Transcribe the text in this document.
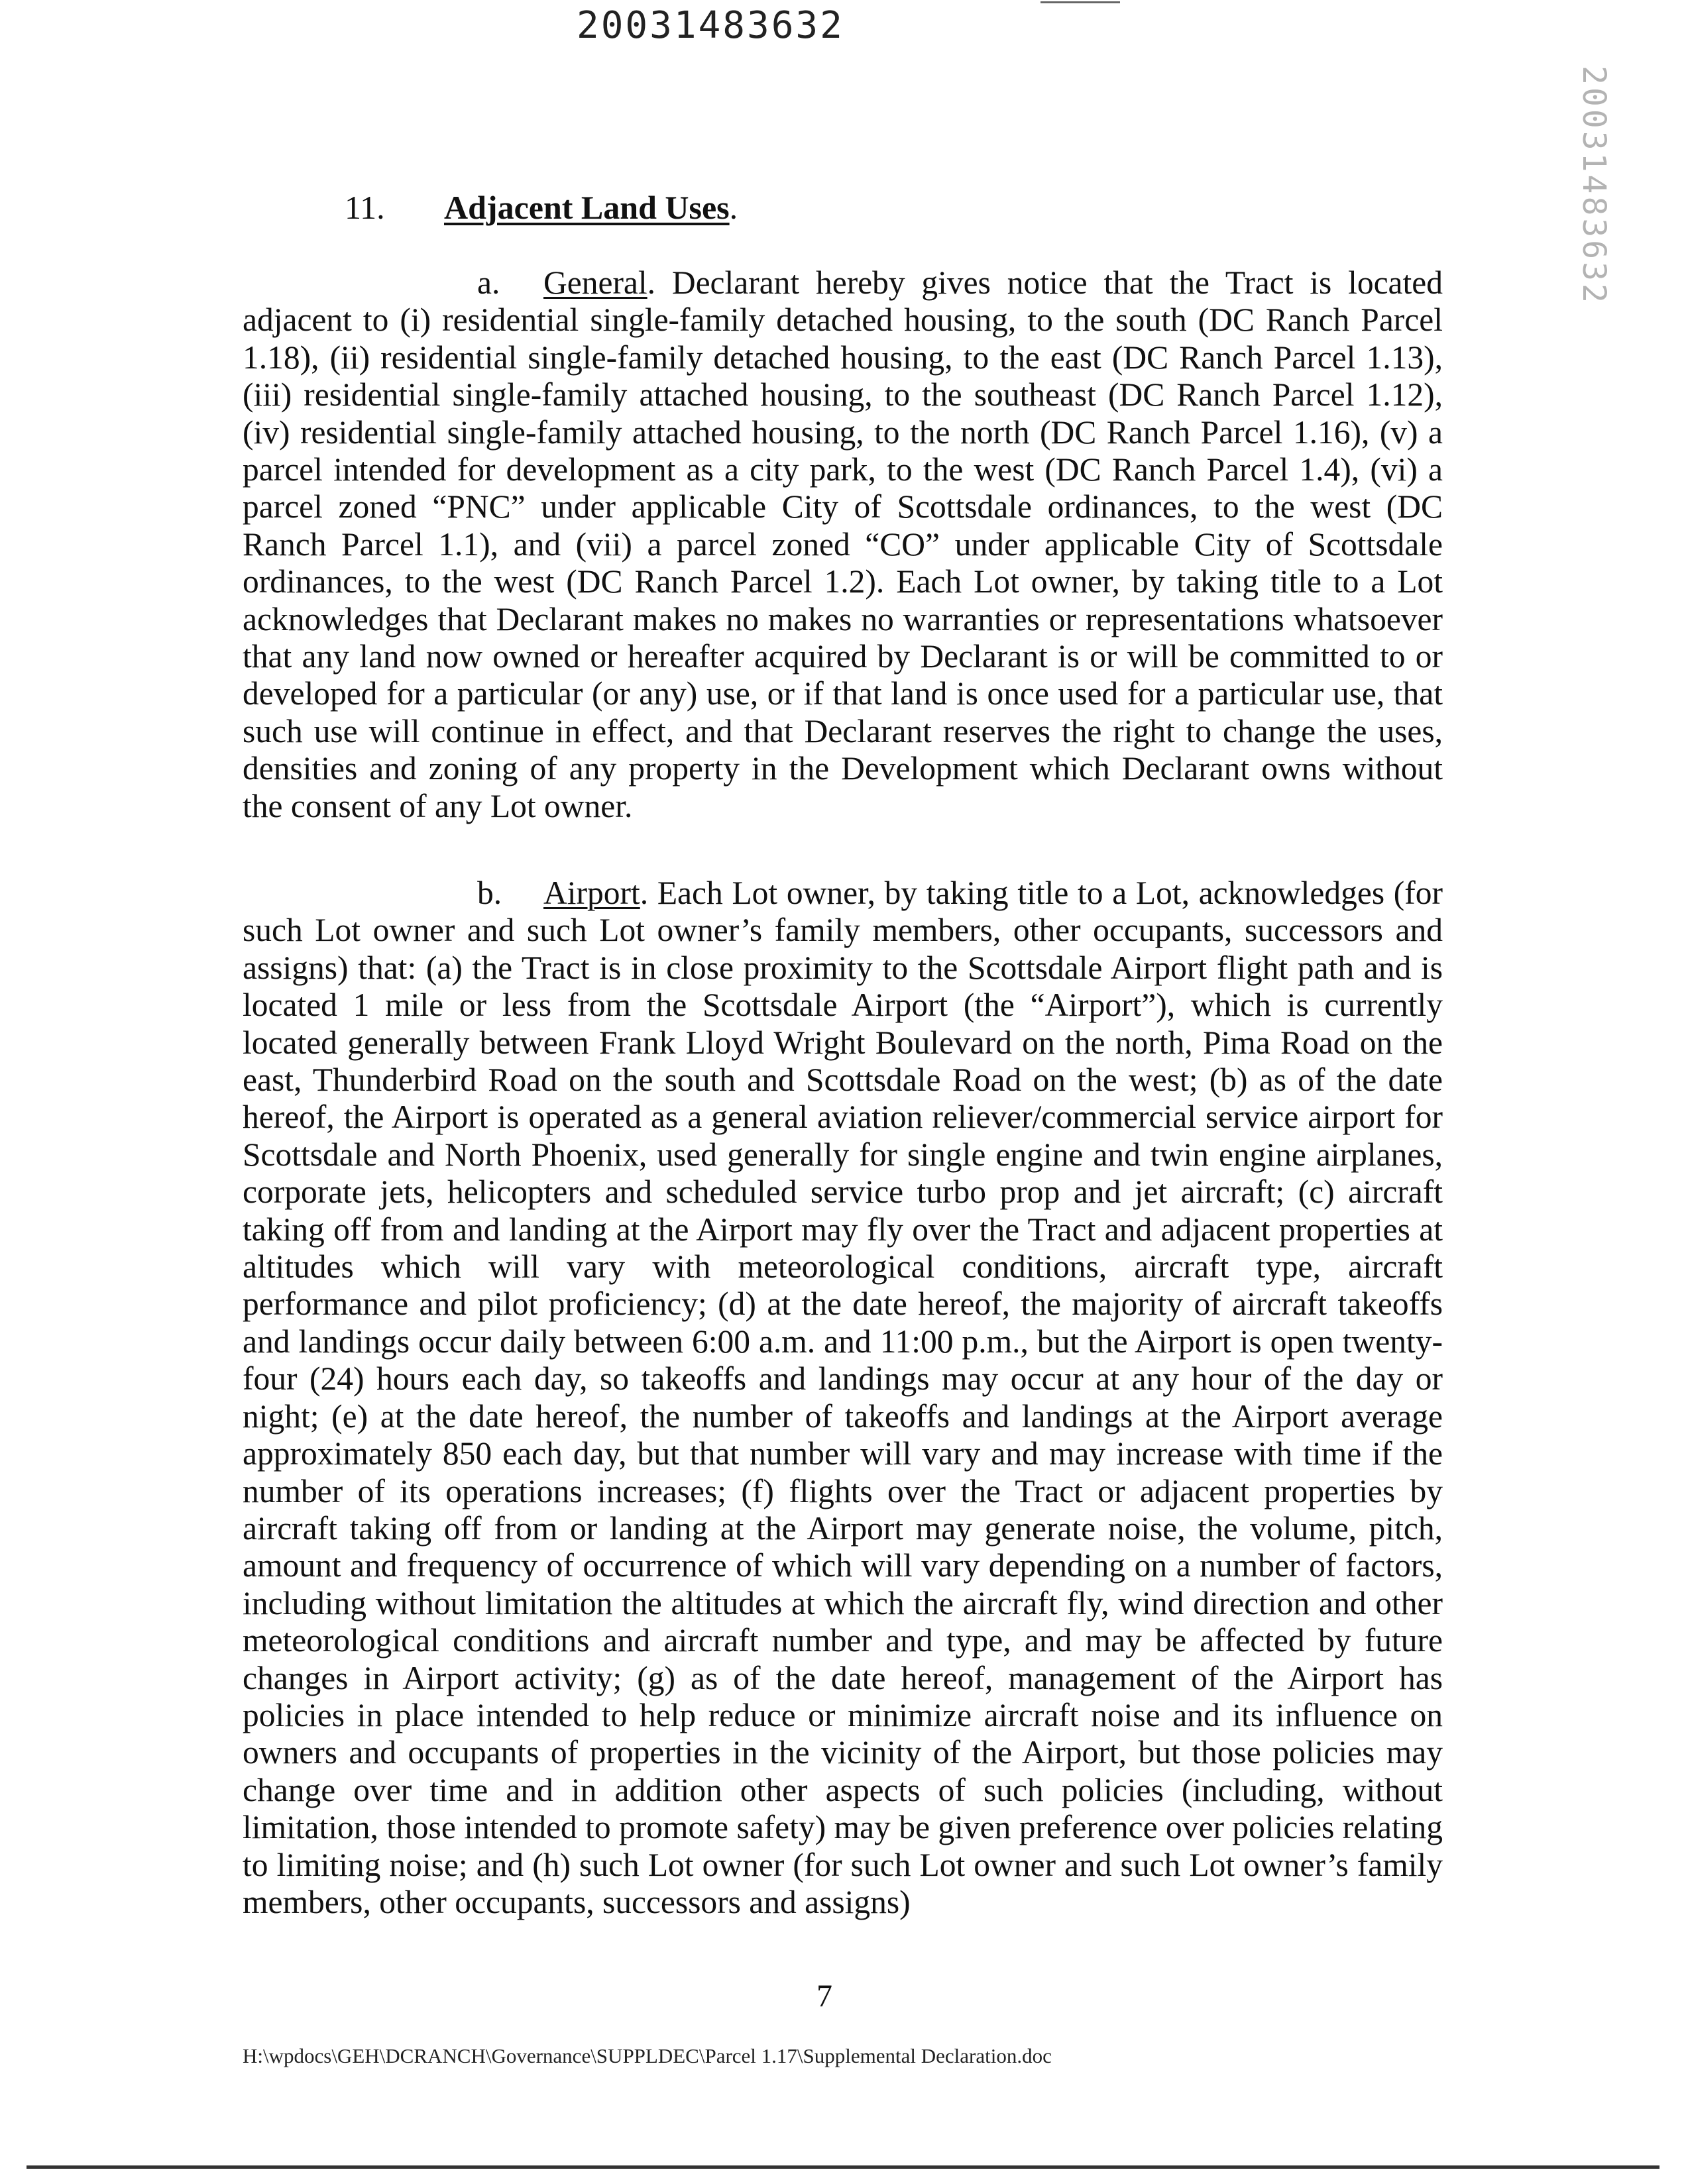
20031483632
20031483632
11. Adjacent Land Uses.
a. General. Declarant hereby gives notice that the Tract is located adjacent to (i) residential single-family detached housing, to the south (DC Ranch Parcel 1.18), (ii) residential single-family detached housing, to the east (DC Ranch Parcel 1.13), (iii) residential single-family attached housing, to the southeast (DC Ranch Parcel 1.12), (iv) residential single-family attached housing, to the north (DC Ranch Parcel 1.16), (v) a parcel intended for development as a city park, to the west (DC Ranch Parcel 1.4), (vi) a parcel zoned “PNC” under applicable City of Scottsdale ordinances, to the west (DC Ranch Parcel 1.1), and (vii) a parcel zoned “CO” under applicable City of Scottsdale ordinances, to the west (DC Ranch Parcel 1.2). Each Lot owner, by taking title to a Lot acknowledges that Declarant makes no makes no warranties or representations whatsoever that any land now owned or hereafter acquired by Declarant is or will be committed to or developed for a particular (or any) use, or if that land is once used for a particular use, that such use will continue in effect, and that Declarant reserves the right to change the uses, densities and zoning of any property in the Development which Declarant owns without the consent of any Lot owner.
b. Airport. Each Lot owner, by taking title to a Lot, acknowledges (for such Lot owner and such Lot owner’s family members, other occupants, successors and assigns) that: (a) the Tract is in close proximity to the Scottsdale Airport flight path and is located 1 mile or less from the Scottsdale Airport (the “Airport”), which is currently located generally between Frank Lloyd Wright Boulevard on the north, Pima Road on the east, Thunderbird Road on the south and Scottsdale Road on the west; (b) as of the date hereof, the Airport is operated as a general aviation reliever/commercial service airport for Scottsdale and North Phoenix, used generally for single engine and twin engine airplanes, corporate jets, helicopters and scheduled service turbo prop and jet aircraft; (c) aircraft taking off from and landing at the Airport may fly over the Tract and adjacent properties at altitudes which will vary with meteorological conditions, aircraft type, aircraft performance and pilot proficiency; (d) at the date hereof, the majority of aircraft takeoffs and landings occur daily between 6:00 a.m. and 11:00 p.m., but the Airport is open twenty-four (24) hours each day, so takeoffs and landings may occur at any hour of the day or night; (e) at the date hereof, the number of takeoffs and landings at the Airport average approximately 850 each day, but that number will vary and may increase with time if the number of its operations increases; (f) flights over the Tract or adjacent properties by aircraft taking off from or landing at the Airport may generate noise, the volume, pitch, amount and frequency of occurrence of which will vary depending on a number of factors, including without limitation the altitudes at which the aircraft fly, wind direction and other meteorological conditions and aircraft number and type, and may be affected by future changes in Airport activity; (g) as of the date hereof, management of the Airport has policies in place intended to help reduce or minimize aircraft noise and its influence on owners and occupants of properties in the vicinity of the Airport, but those policies may change over time and in addition other aspects of such policies (including, without limitation, those intended to promote safety) may be given preference over policies relating to limiting noise; and (h) such Lot owner (for such Lot owner and such Lot owner’s family members, other occupants, successors and assigns)
7
H:\wpdocs\GEH\DCRANCH\Governance\SUPPLDEC\Parcel 1.17\Supplemental Declaration.doc
